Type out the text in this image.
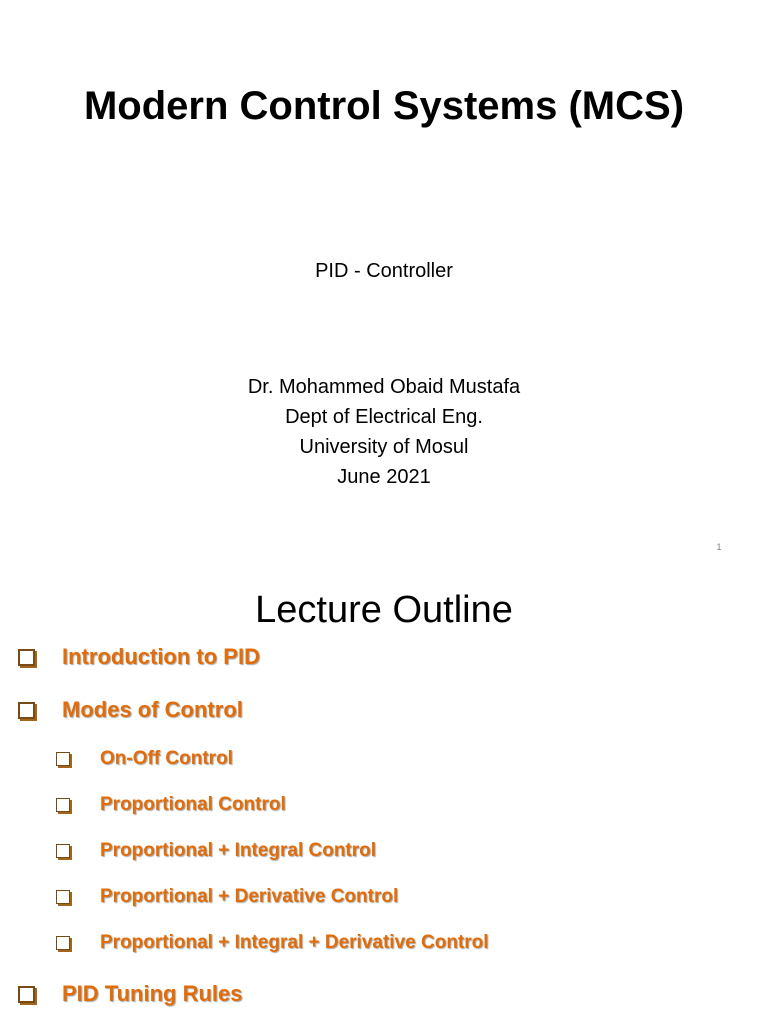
Modern Control Systems (MCS)
PID - Controller
Dr. Mohammed Obaid Mustafa
Dept of Electrical Eng.
University of Mosul
June 2021
1
Lecture Outline
Introduction to PID
Modes of Control
On-Off Control
Proportional Control
Proportional + Integral Control
Proportional + Derivative Control
Proportional + Integral + Derivative Control
PID Tuning Rules
